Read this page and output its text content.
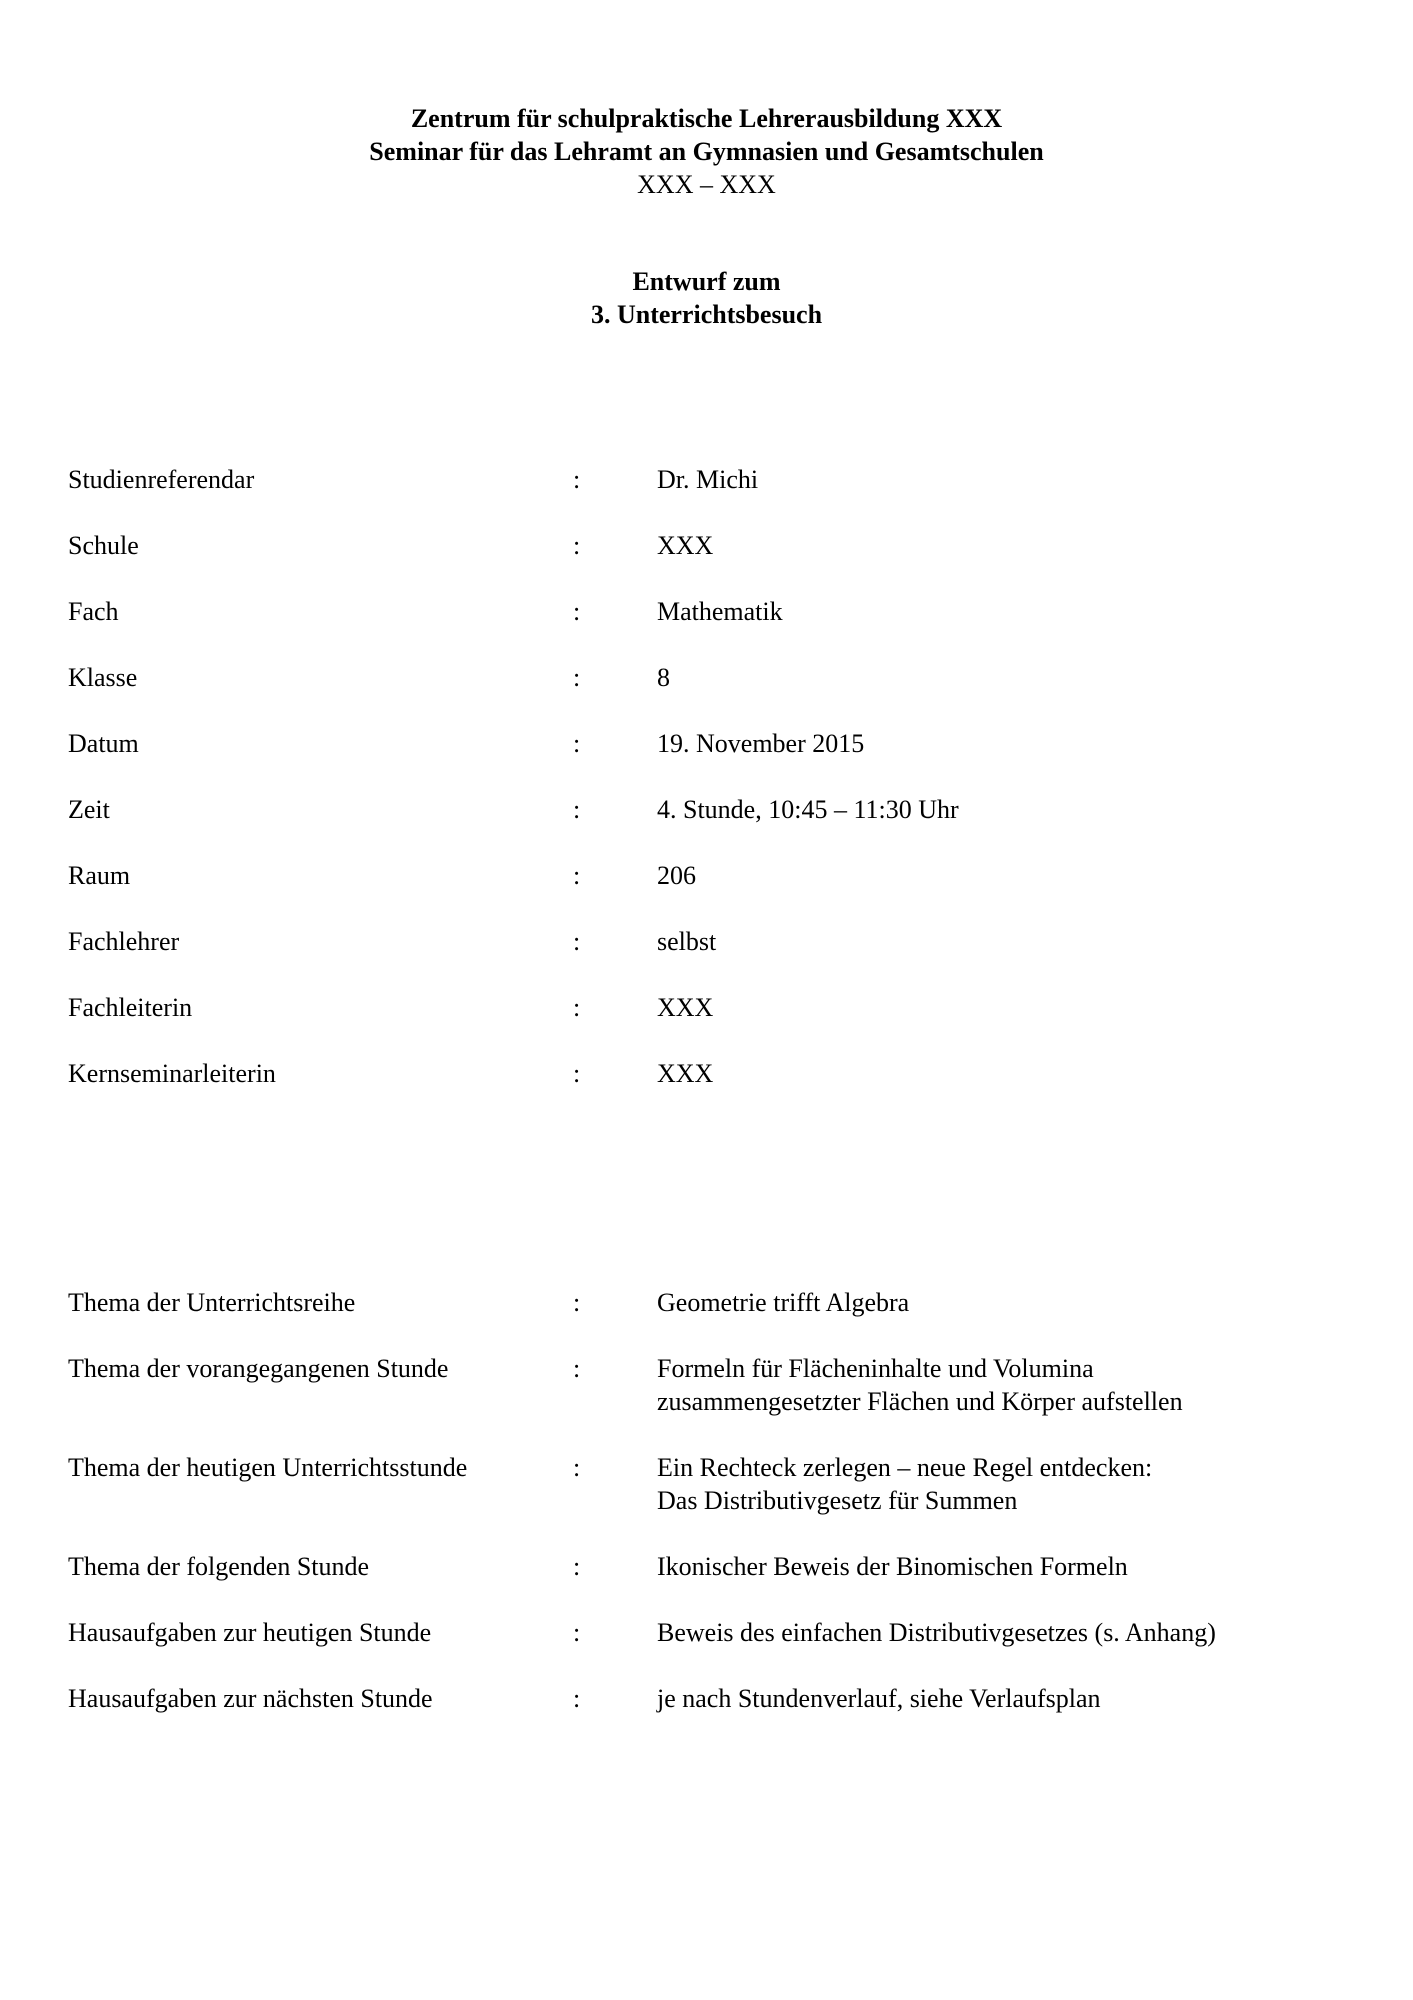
Zentrum für schulpraktische Lehrerausbildung XXX
Seminar für das Lehramt an Gymnasien und Gesamtschulen
XXX – XXX
Entwurf zum
3. Unterrichtsbesuch
Studienreferendar	:	Dr. Michi
Schule	:	XXX
Fach	:	Mathematik
Klasse	:	8
Datum	:	19. November 2015
Zeit	:	4. Stunde, 10:45 – 11:30 Uhr
Raum	:	206
Fachlehrer	:	selbst
Fachleiterin	:	XXX
Kernseminarleiterin	:	XXX
Thema der Unterrichtsreihe	:	Geometrie trifft Algebra
Thema der vorangegangenen Stunde	:	Formeln für Flächeninhalte und Volumina
zusammengesetzter Flächen und Körper aufstellen
Thema der heutigen Unterrichtsstunde	:	Ein Rechteck zerlegen – neue Regel entdecken:
Das Distributivgesetz für Summen
Thema der folgenden Stunde	:	Ikonischer Beweis der Binomischen Formeln
Hausaufgaben zur heutigen Stunde	:	Beweis des einfachen Distributivgesetzes (s. Anhang)
Hausaufgaben zur nächsten Stunde	:	je nach Stundenverlauf, siehe Verlaufsplan
